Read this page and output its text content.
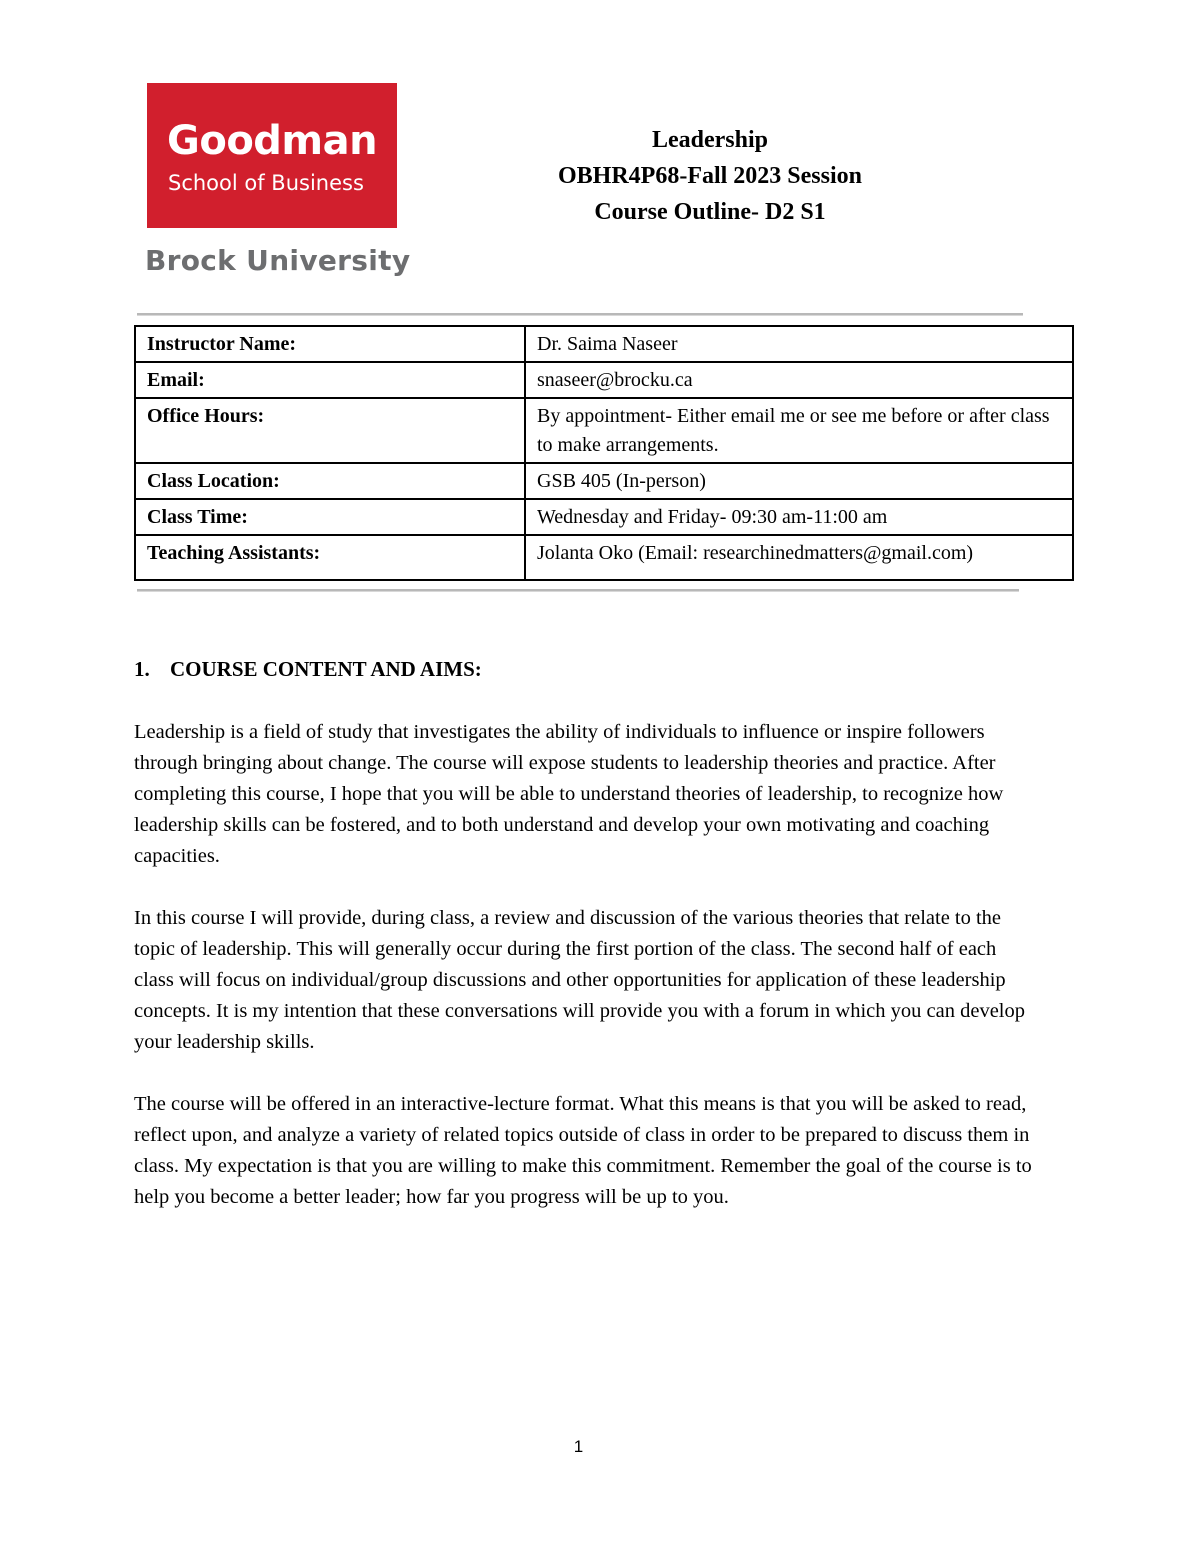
Goodman
School of Business
Brock University
Leadership
OBHR4P68-Fall 2023 Session
Course Outline- D2 S1
Instructor Name:	Dr. Saima Naseer
Email:	snaseer@brocku.ca
Office Hours:	By appointment- Either email me or see me before or after class to make arrangements.
Class Location:	GSB 405 (In-person)
Class Time:	Wednesday and Friday- 09:30 am-11:00 am
Teaching Assistants:	Jolanta Oko (Email: researchinedmatters@gmail.com)
1. COURSE CONTENT AND AIMS:

Leadership is a field of study that investigates the ability of individuals to influence or inspire followers through bringing about change. The course will expose students to leadership theories and practice. After completing this course, I hope that you will be able to understand theories of leadership, to recognize how leadership skills can be fostered, and to both understand and develop your own motivating and coaching capacities.

In this course I will provide, during class, a review and discussion of the various theories that relate to the topic of leadership. This will generally occur during the first portion of the class. The second half of each class will focus on individual/group discussions and other opportunities for application of these leadership concepts. It is my intention that these conversations will provide you with a forum in which you can develop your leadership skills.

The course will be offered in an interactive-lecture format. What this means is that you will be asked to read, reflect upon, and analyze a variety of related topics outside of class in order to be prepared to discuss them in class. My expectation is that you are willing to make this commitment. Remember the goal of the course is to help you become a better leader; how far you progress will be up to you.

1
